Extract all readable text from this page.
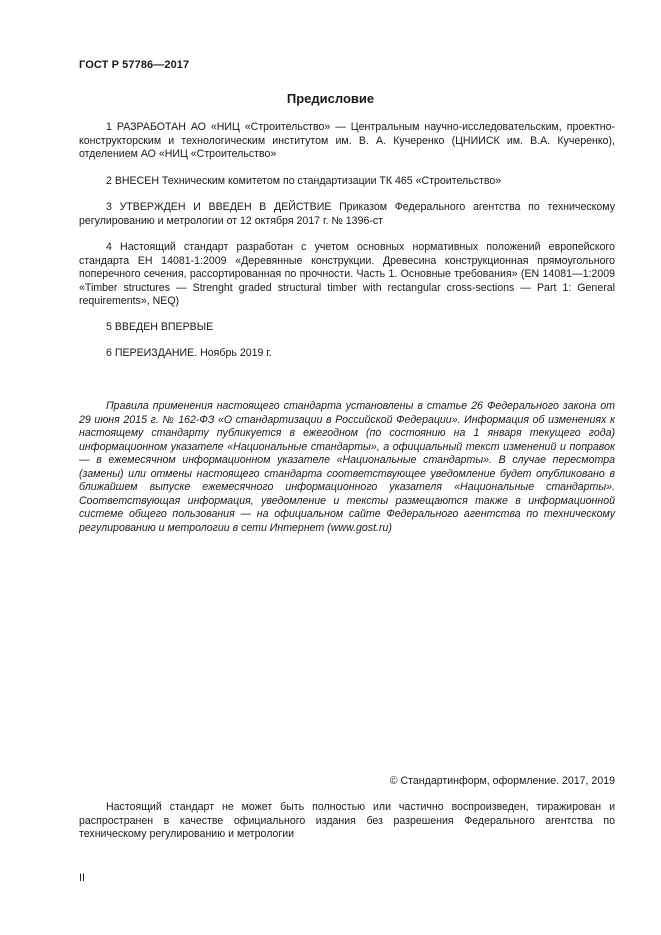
ГОСТ Р 57786—2017
Предисловие

1 РАЗРАБОТАН АО «НИЦ «Строительство» — Центральным научно-исследовательским, проектно-конструкторским и технологическим институтом им. В. А. Кучеренко (ЦНИИСК им. В.А. Кучеренко), отделением АО «НИЦ «Строительство»

2 ВНЕСЕН Техническим комитетом по стандартизации ТК 465 «Строительство»

3 УТВЕРЖДЕН И ВВЕДЕН В ДЕЙСТВИЕ Приказом Федерального агентства по техническому регулированию и метрологии от 12 октября 2017 г. № 1396-ст

4 Настоящий стандарт разработан с учетом основных нормативных положений европейского стандарта ЕН 14081-1:2009 «Деревянные конструкции. Древесина конструкционная прямоугольного поперечного сечения, рассортированная по прочности. Часть 1. Основные требования» (EN 14081—1:2009 «Timber structures — Strenght graded structural timber with rectangular cross-sections — Part 1: General requirements», NEQ)

5 ВВЕДЕН ВПЕРВЫЕ

6 ПЕРЕИЗДАНИЕ. Ноябрь 2019 г.

Правила применения настоящего стандарта установлены в статье 26 Федерального закона от 29 июня 2015 г. № 162-ФЗ «О стандартизации в Российской Федерации». Информация об изменениях к настоящему стандарту публикуется в ежегодном (по состоянию на 1 января текущего года) информационном указателе «Национальные стандарты», а официальный текст изменений и поправок — в ежемесячном информационном указателе «Национальные стандарты». В случае пересмотра (замены) или отмены настоящего стандарта соответствующее уведомление будет опубликовано в ближайшем выпуске ежемесячного информационного указателя «Национальные стандарты». Соответствующая информация, уведомление и тексты размещаются также в информационной системе общего пользования — на официальном сайте Федерального агентства по техническому регулированию и метрологии в сети Интернет (www.gost.ru)

© Стандартинформ, оформление. 2017, 2019

Настоящий стандарт не может быть полностью или частично воспроизведен, тиражирован и распространен в качестве официального издания без разрешения Федерального агентства по техническому регулированию и метрологии

II
